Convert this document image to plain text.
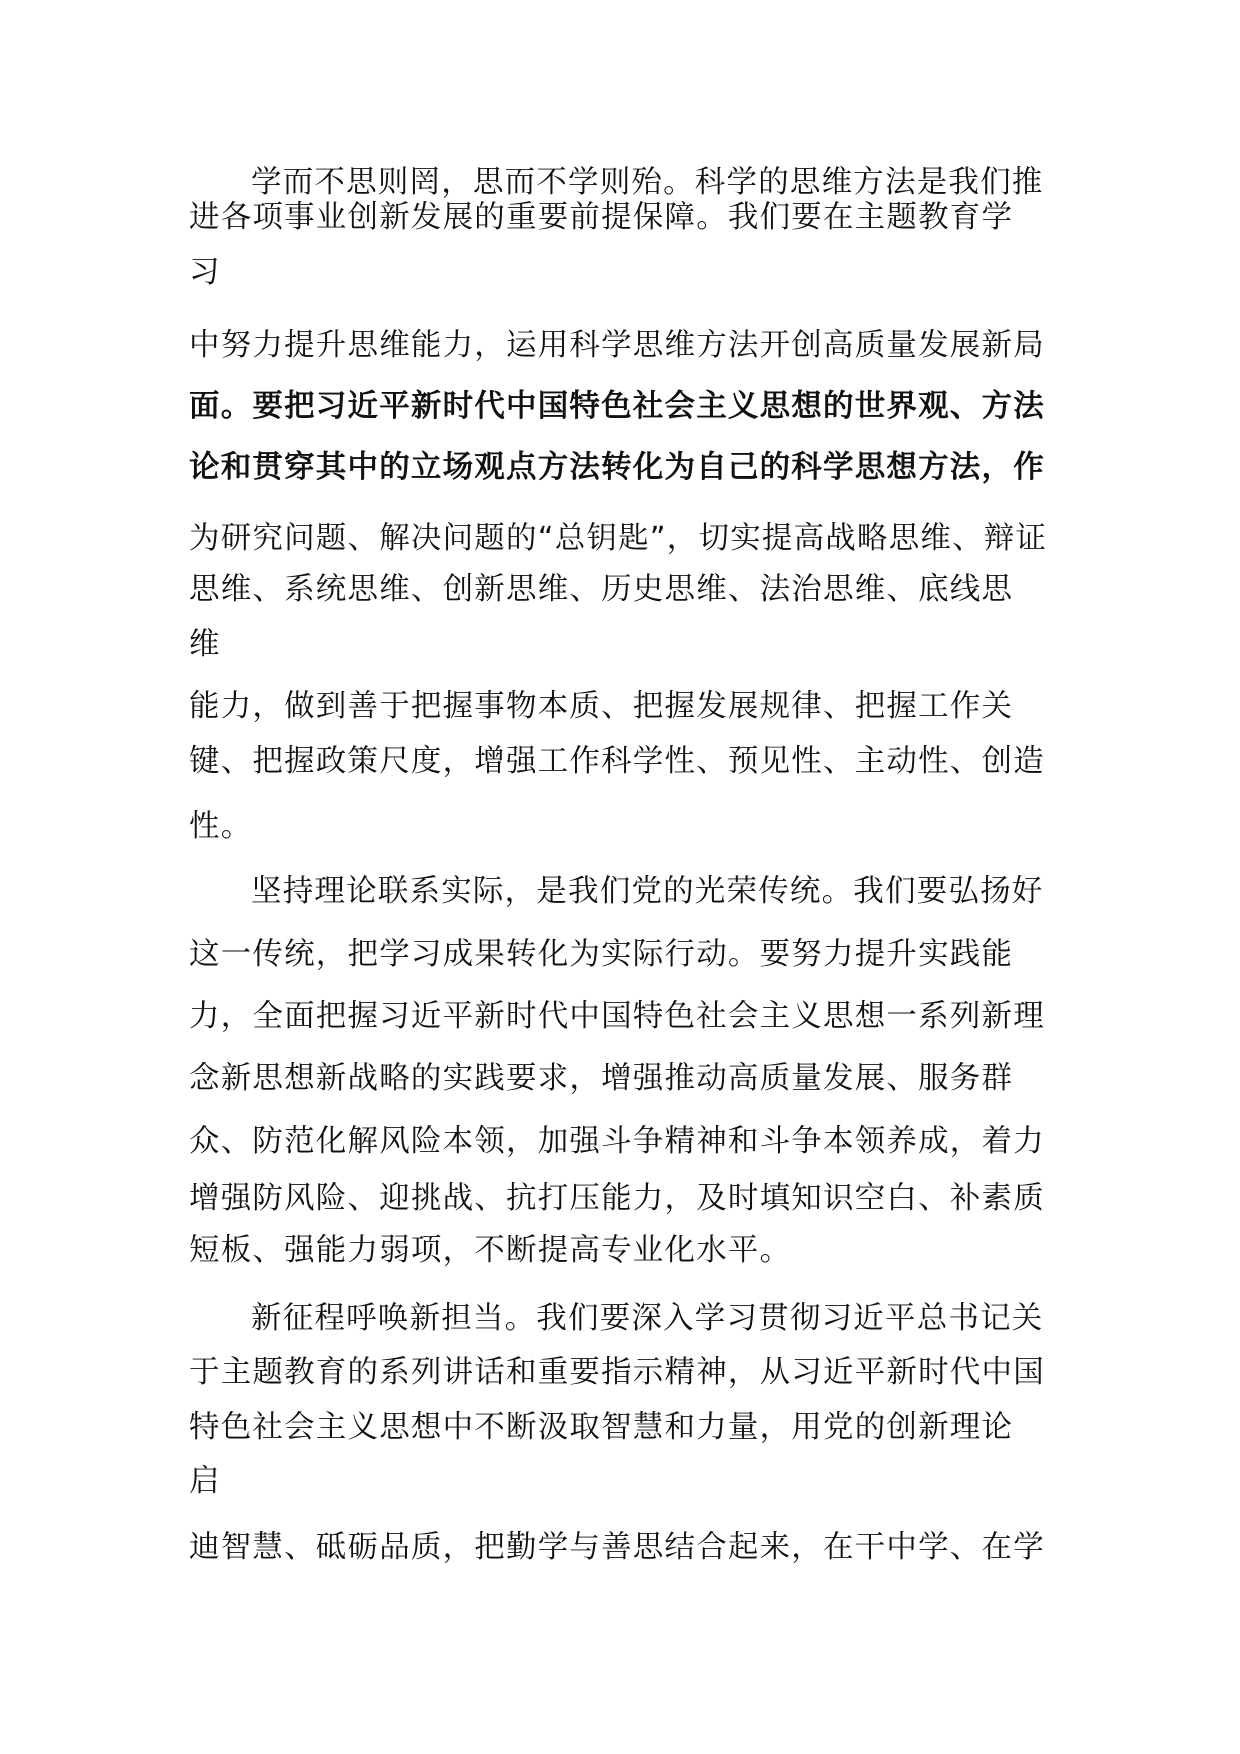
学而不思则罔，思而不学则殆。科学的思维方法是我们推
进各项事业创新发展的重要前提保障。我们要在主题教育学
习
中努力提升思维能力，运用科学思维方法开创高质量发展新局
面。要把习近平新时代中国特色社会主义思想的世界观、方法
论和贯穿其中的立场观点方法转化为自己的科学思想方法，作
为研究问题、解决问题的“总钥匙”，切实提高战略思维、辩证
思维、系统思维、创新思维、历史思维、法治思维、底线思
维
能力，做到善于把握事物本质、把握发展规律、把握工作关
键、把握政策尺度，增强工作科学性、预见性、主动性、创造
性。
坚持理论联系实际，是我们党的光荣传统。我们要弘扬好
这一传统，把学习成果转化为实际行动。要努力提升实践能
力，全面把握习近平新时代中国特色社会主义思想一系列新理
念新思想新战略的实践要求，增强推动高质量发展、服务群
众、防范化解风险本领，加强斗争精神和斗争本领养成，着力
增强防风险、迎挑战、抗打压能力，及时填知识空白、补素质
短板、强能力弱项，不断提高专业化水平。
新征程呼唤新担当。我们要深入学习贯彻习近平总书记关
于主题教育的系列讲话和重要指示精神，从习近平新时代中国
特色社会主义思想中不断汲取智慧和力量，用党的创新理论
启
迪智慧、砥砺品质，把勤学与善思结合起来，在干中学、在学
